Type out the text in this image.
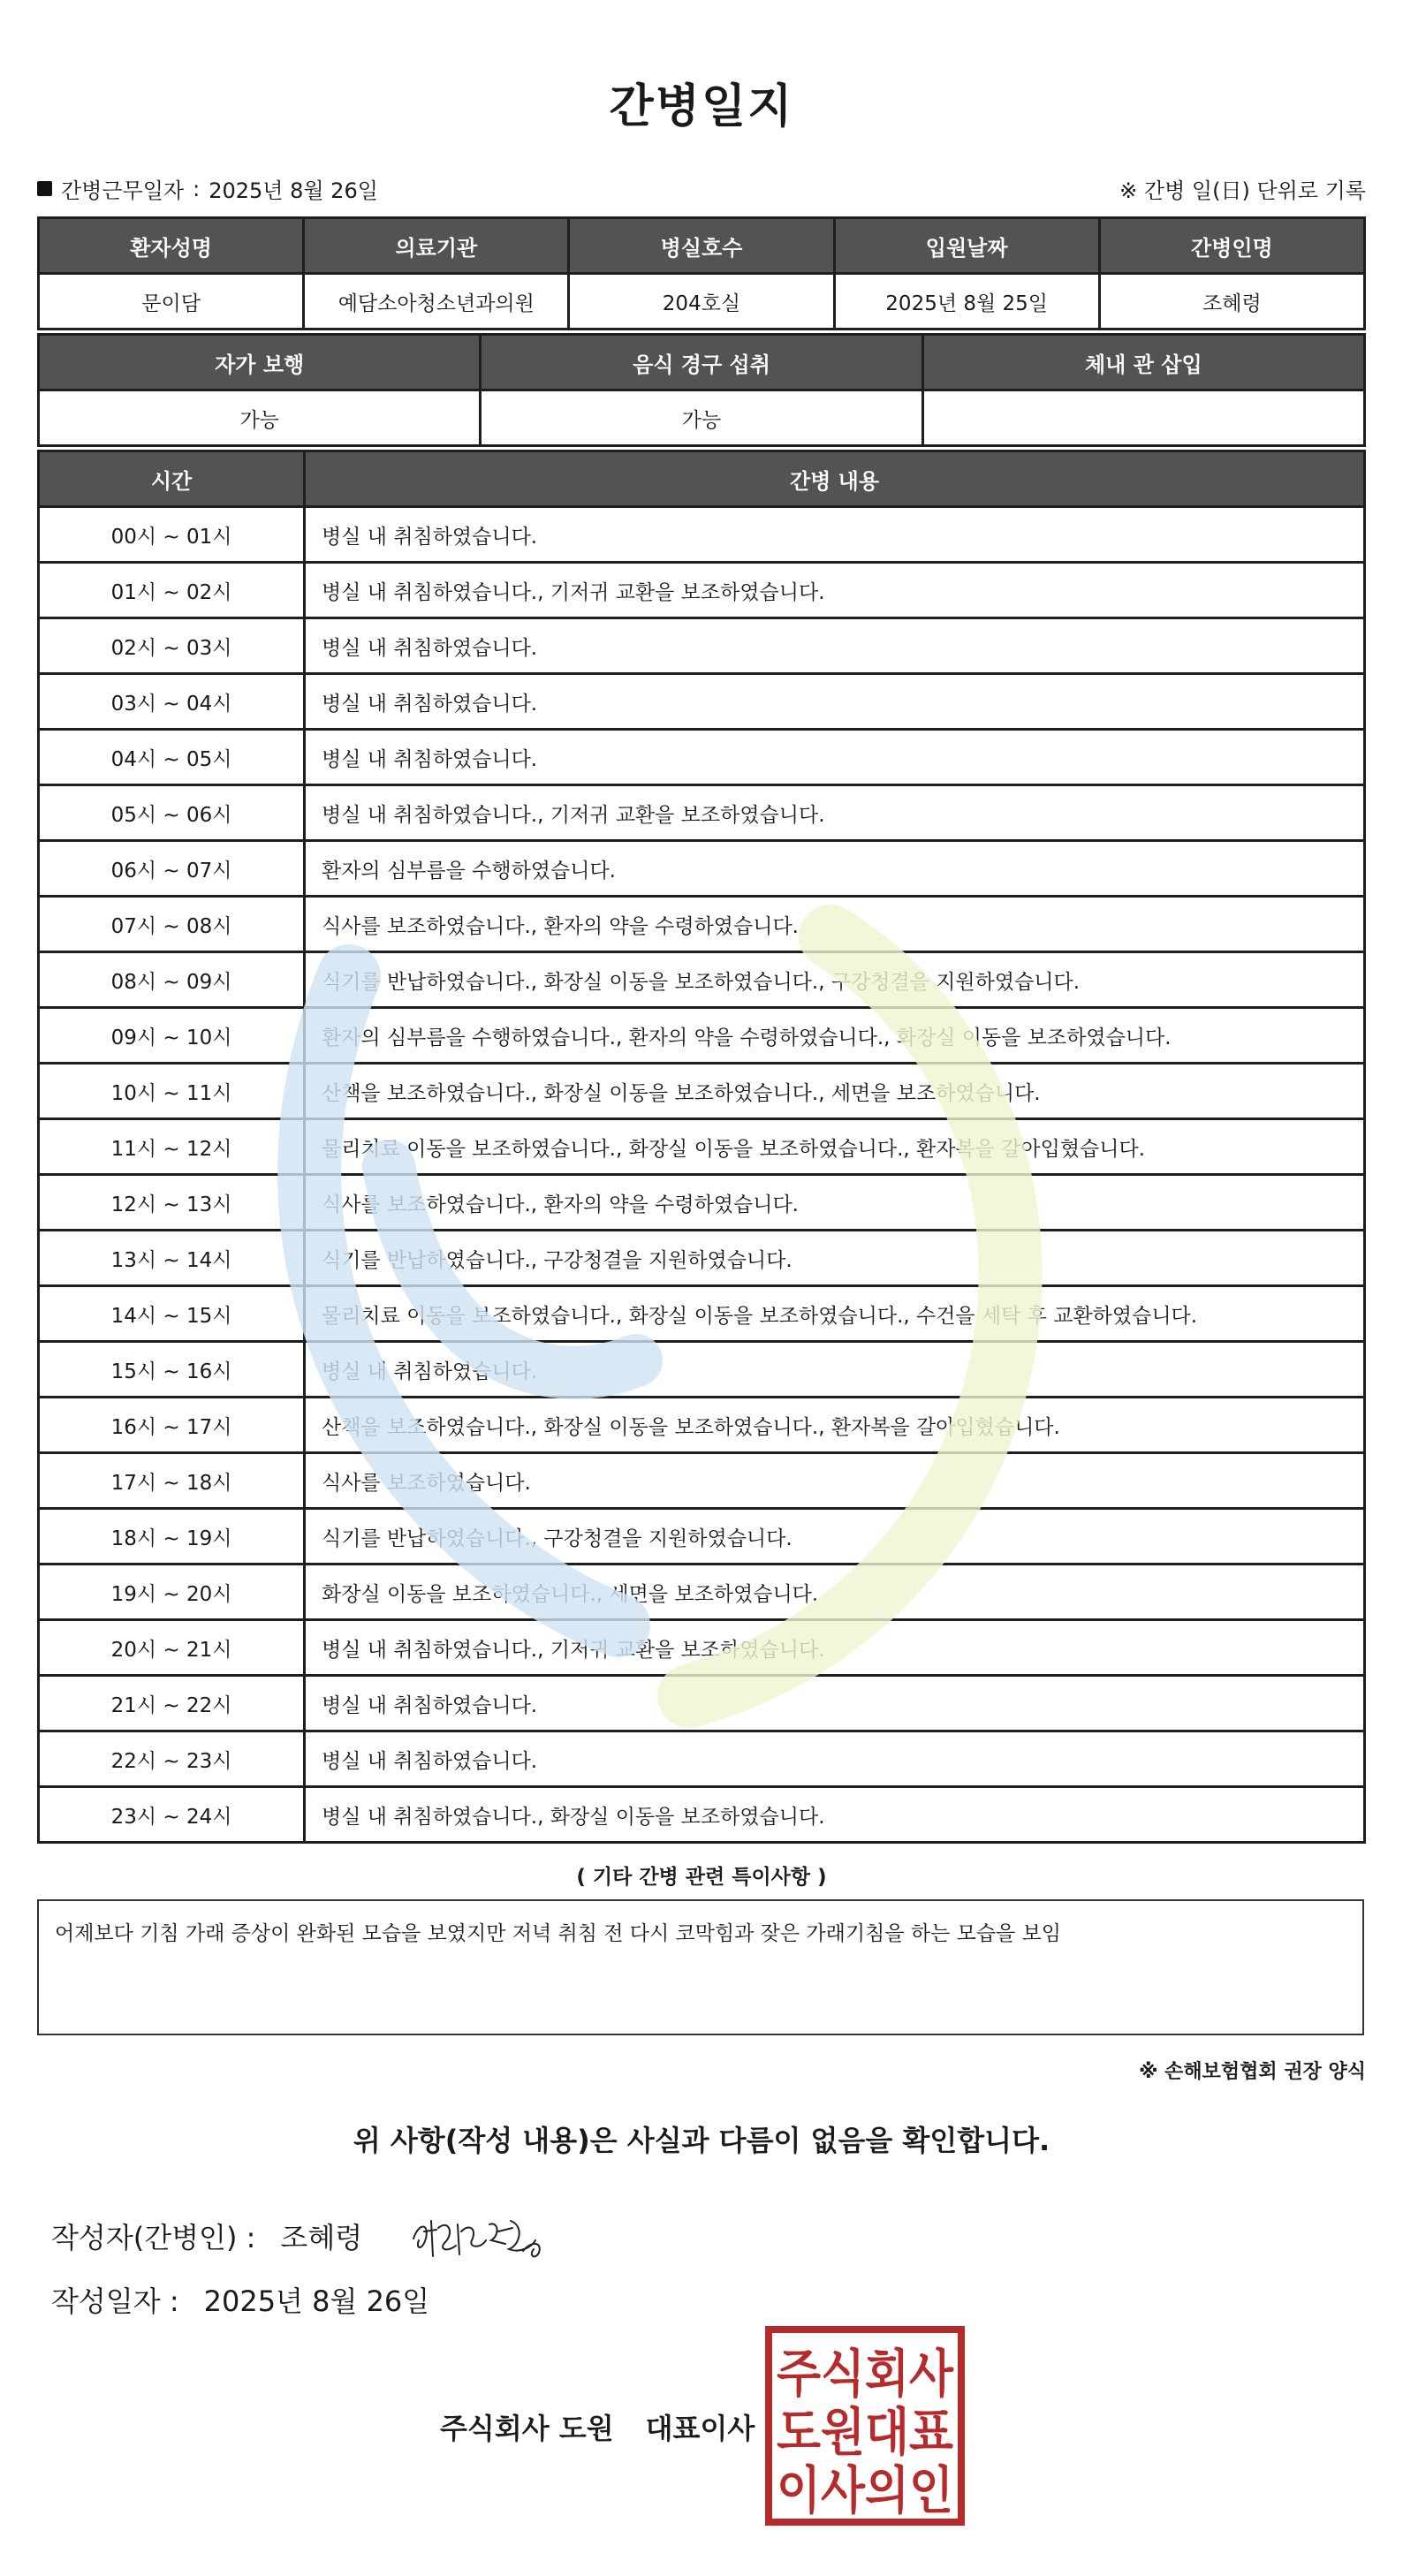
간병일지
간병근무일자 : 2025년 8월 26일	※ 간병 일(日) 단위로 기록
환자성명	의료기관	병실호수	입원날짜	간병인명
문이담	예담소아청소년과의원	204호실	2025년 8월 25일	조혜령
자가 보행	음식 경구 섭취	체내 관 삽입
가능	가능	
시간	간병 내용
00시 ~ 01시	병실 내 취침하였습니다.
01시 ~ 02시	병실 내 취침하였습니다., 기저귀 교환을 보조하였습니다.
02시 ~ 03시	병실 내 취침하였습니다.
03시 ~ 04시	병실 내 취침하였습니다.
04시 ~ 05시	병실 내 취침하였습니다.
05시 ~ 06시	병실 내 취침하였습니다., 기저귀 교환을 보조하였습니다.
06시 ~ 07시	환자의 심부름을 수행하였습니다.
07시 ~ 08시	식사를 보조하였습니다., 환자의 약을 수령하였습니다.
08시 ~ 09시	식기를 반납하였습니다., 화장실 이동을 보조하였습니다., 구강청결을 지원하였습니다.
09시 ~ 10시	환자의 심부름을 수행하였습니다., 환자의 약을 수령하였습니다., 화장실 이동을 보조하였습니다.
10시 ~ 11시	산책을 보조하였습니다., 화장실 이동을 보조하였습니다., 세면을 보조하였습니다.
11시 ~ 12시	물리치료 이동을 보조하였습니다., 화장실 이동을 보조하였습니다., 환자복을 갈아입혔습니다.
12시 ~ 13시	식사를 보조하였습니다., 환자의 약을 수령하였습니다.
13시 ~ 14시	식기를 반납하였습니다., 구강청결을 지원하였습니다.
14시 ~ 15시	물리치료 이동을 보조하였습니다., 화장실 이동을 보조하였습니다., 수건을 세탁 후 교환하였습니다.
15시 ~ 16시	병실 내 취침하였습니다.
16시 ~ 17시	산책을 보조하였습니다., 화장실 이동을 보조하였습니다., 환자복을 갈아입혔습니다.
17시 ~ 18시	식사를 보조하였습니다.
18시 ~ 19시	식기를 반납하였습니다., 구강청결을 지원하였습니다.
19시 ~ 20시	화장실 이동을 보조하였습니다., 세면을 보조하였습니다.
20시 ~ 21시	병실 내 취침하였습니다., 기저귀 교환을 보조하였습니다.
21시 ~ 22시	병실 내 취침하였습니다.
22시 ~ 23시	병실 내 취침하였습니다.
23시 ~ 24시	병실 내 취침하였습니다., 화장실 이동을 보조하였습니다.
( 기타 간병 관련 특이사항 )
어제보다 기침 가래 증상이 완화된 모습을 보였지만 저녁 취침 전 다시 코막힘과 잦은 가래기침을 하는 모습을 보임
※ 손해보험협회 권장 양식
위 사항(작성 내용)은 사실과 다름이 없음을 확인합니다.
작성자(간병인) : 조혜령
작성일자 : 2025년 8월 26일
주식회사 도원 대표이사
주식회사
도원대표
이사의인
